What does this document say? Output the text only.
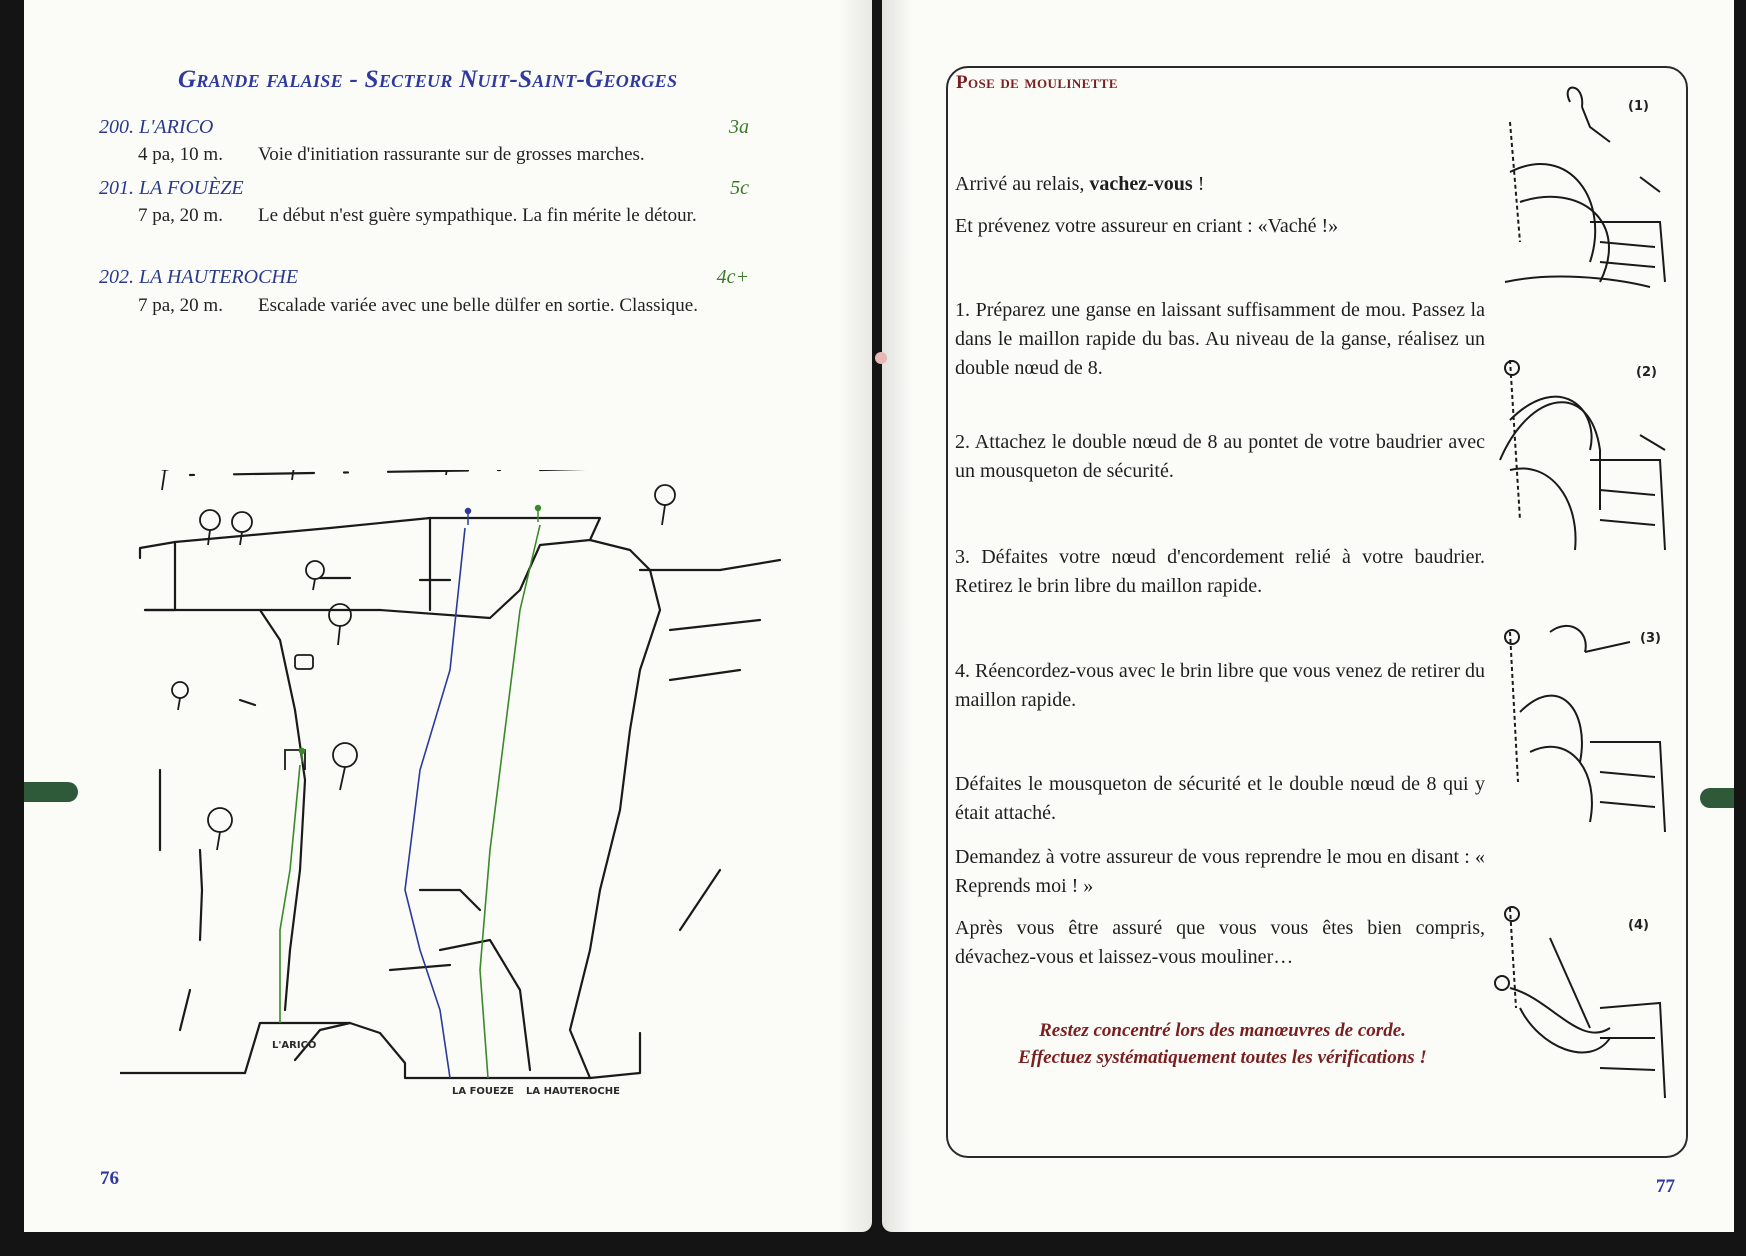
Grande falaise - Secteur Nuit-Saint-Georges
200. L'ARICO	3a
4 pa, 10 m.	Voie d'initiation rassurante sur de grosses marches.
201. LA FOUÈZE	5c
7 pa, 20 m.	Le début n'est guère sympathique. La fin mérite le détour.
202. LA HAUTEROCHE	4c+
7 pa, 20 m.	Escalade variée avec une belle dülfer en sortie. Classique.
L'ARICO
LA FOUEZE LA HAUTEROCHE
76
Pose de moulinette
Arrivé au relais, vachez-vous !
Et prévenez votre assureur en criant : «Vaché !»
1. Préparez une ganse en laissant suffisamment de mou. Passez la dans le maillon rapide du bas. Au niveau de la ganse, réalisez un double nœud de 8.
2. Attachez le double nœud de 8 au pontet de votre baudrier avec un mousqueton de sécurité.
3. Défaites votre nœud d'encordement relié à votre baudrier. Retirez le brin libre du maillon rapide.
4. Réencordez-vous avec le brin libre que vous venez de retirer du maillon rapide.
Défaites le mousqueton de sécurité et le double nœud de 8 qui y était attaché.
Demandez à votre assureur de vous reprendre le mou en disant : « Reprends moi ! »
Après vous être assuré que vous vous êtes bien compris, dévachez-vous et laissez-vous mouliner…
Restez concentré lors des manœuvres de corde.
Effectuez systématiquement toutes les vérifications !
(1)
(2)
(3)
(4)
77
